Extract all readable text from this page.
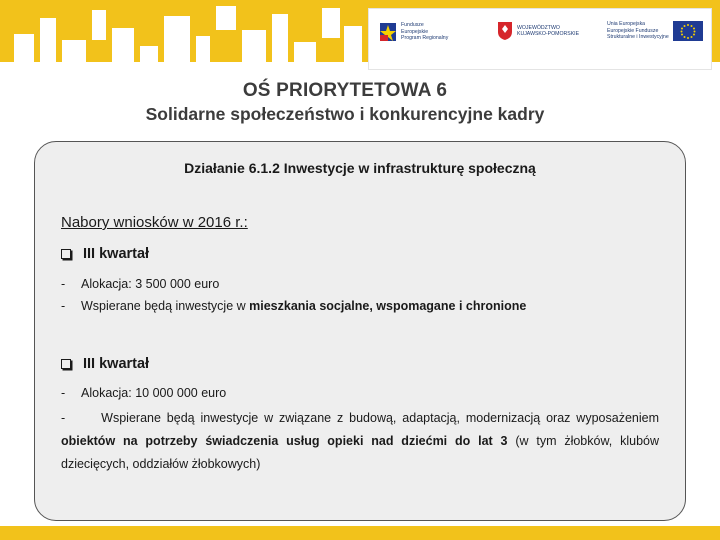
Fundusze
Europejskie
Program Regionalny
WOJEWÓDZTWO
KUJAWSKO-POMORSKIE
Unia Europejska
Europejskie Fundusze
Strukturalne i Inwestycyjne
OŚ PRIORYTETOWA 6
Solidarne społeczeństwo i konkurencyjne kadry
Działanie 6.1.2 Inwestycje w infrastrukturę społeczną
Nabory wniosków w 2016 r.:
III kwartał
- Alokacja: 3 500 000 euro
- Wspierane będą inwestycje w mieszkania socjalne, wspomagane i chronione
III kwartał
- Alokacja: 10 000 000 euro
-	Wspierane będą inwestycje w związane z budową, adaptacją, modernizacją oraz wyposażeniem obiektów na potrzeby świadczenia usług opieki nad dziećmi do lat 3 (w tym żłobków, klubów dziecięcych, oddziałów żłobkowych)
